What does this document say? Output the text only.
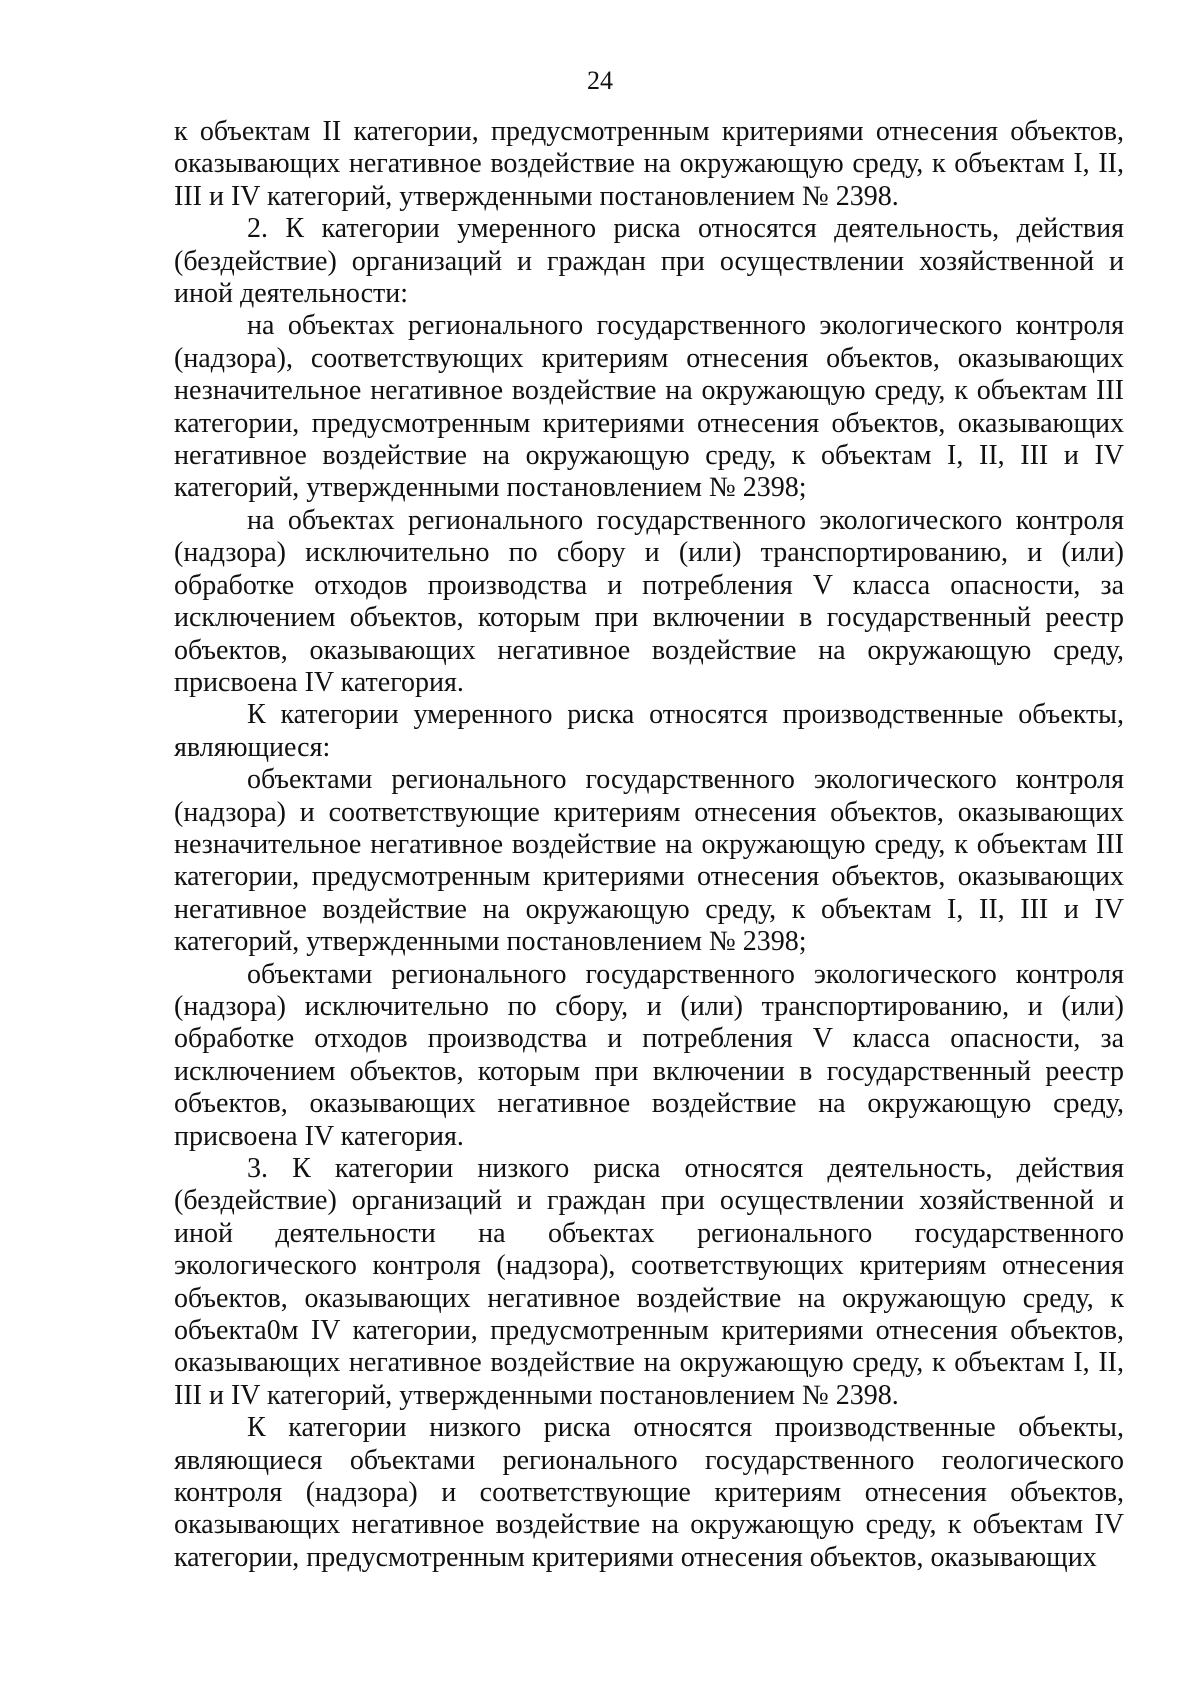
24

к объектам II категории, предусмотренным критериями отнесения объектов, оказывающих негативное воздействие на окружающую среду, к объектам I, II, III и IV категорий, утвержденными постановлением № 2398.

2. К категории умеренного риска относятся деятельность, действия (бездействие) организаций и граждан при осуществлении хозяйственной и иной деятельности:

на объектах регионального государственного экологического контроля (надзора), соответствующих критериям отнесения объектов, оказывающих незначительное негативное воздействие на окружающую среду, к объектам III категории, предусмотренным критериями отнесения объектов, оказывающих негативное воздействие на окружающую среду, к объектам I, II, III и IV категорий, утвержденными постановлением № 2398;

на объектах регионального государственного экологического контроля (надзора) исключительно по сбору и (или) транспортированию, и (или) обработке отходов производства и потребления V класса опасности, за исключением объектов, которым при включении в государственный реестр объектов, оказывающих негативное воздействие на окружающую среду, присвоена IV категория.

К категории умеренного риска относятся производственные объекты, являющиеся:

объектами регионального государственного экологического контроля (надзора) и соответствующие критериям отнесения объектов, оказывающих незначительное негативное воздействие на окружающую среду, к объектам III категории, предусмотренным критериями отнесения объектов, оказывающих негативное воздействие на окружающую среду, к объектам I, II, III и IV категорий, утвержденными постановлением № 2398;

объектами регионального государственного экологического контроля (надзора) исключительно по сбору, и (или) транспортированию, и (или) обработке отходов производства и потребления V класса опасности, за исключением объектов, которым при включении в государственный реестр объектов, оказывающих негативное воздействие на окружающую среду, присвоена IV категория.

3. К категории низкого риска относятся деятельность, действия (бездействие) организаций и граждан при осуществлении хозяйственной и иной деятельности на объектах регионального государственного экологического контроля (надзора), соответствующих критериям отнесения объектов, оказывающих негативное воздействие на окружающую среду, к объекта0м IV категории, предусмотренным критериями отнесения объектов, оказывающих негативное воздействие на окружающую среду, к объектам I, II, III и IV категорий, утвержденными постановлением № 2398.

К категории низкого риска относятся производственные объекты, являющиеся объектами регионального государственного геологического контроля (надзора) и соответствующие критериям отнесения объектов, оказывающих негативное воздействие на окружающую среду, к объектам IV категории, предусмотренным критериями отнесения объектов, оказывающих
